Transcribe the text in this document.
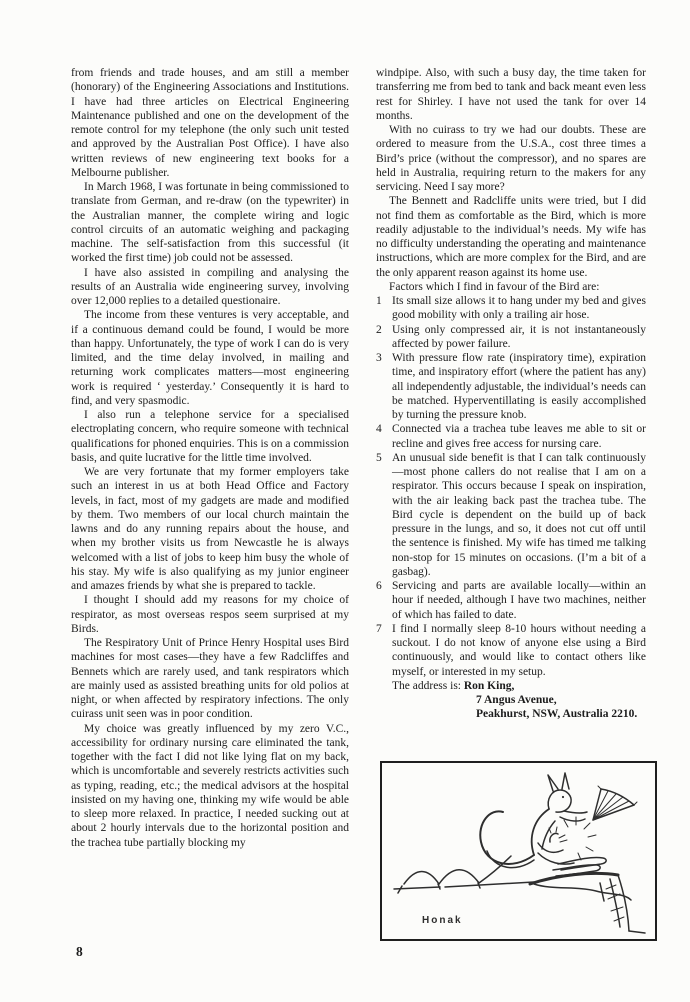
from friends and trade houses, and am still a member (honorary) of the Engineering Associations and Institutions. I have had three articles on Electrical Engineering Maintenance published and one on the development of the remote control for my telephone (the only such unit tested and approved by the Australian Post Office). I have also written reviews of new engineering text books for a Melbourne publisher.

In March 1968, I was fortunate in being commissioned to translate from German, and re-draw (on the typewriter) in the Australian manner, the complete wiring and logic control circuits of an automatic weighing and packaging machine. The self-satisfaction from this successful (it worked the first time) job could not be assessed.

I have also assisted in compiling and analysing the results of an Australia wide engineering survey, involving over 12,000 replies to a detailed questionaire.

The income from these ventures is very acceptable, and if a continuous demand could be found, I would be more than happy. Unfortunately, the type of work I can do is very limited, and the time delay involved, in mailing and returning work complicates matters—most engineering work is required ‘ yesterday.’ Consequently it is hard to find, and very spasmodic.

I also run a telephone service for a specialised electroplating concern, who require someone with technical qualifications for phoned enquiries. This is on a commission basis, and quite lucrative for the little time involved.

We are very fortunate that my former employers take such an interest in us at both Head Office and Factory levels, in fact, most of my gadgets are made and modified by them. Two members of our local church maintain the lawns and do any running repairs about the house, and when my brother visits us from Newcastle he is always welcomed with a list of jobs to keep him busy the whole of his stay. My wife is also qualifying as my junior engineer and amazes friends by what she is prepared to tackle.

I thought I should add my reasons for my choice of respirator, as most overseas respos seem surprised at my Birds.

The Respiratory Unit of Prince Henry Hospital uses Bird machines for most cases—they have a few Radcliffes and Bennets which are rarely used, and tank respirators which are mainly used as assisted breathing units for old polios at night, or when affected by respiratory infections. The only cuirass unit seen was in poor condition.

My choice was greatly influenced by my zero V.C., accessibility for ordinary nursing care eliminated the tank, together with the fact I did not like lying flat on my back, which is uncomfortable and severely restricts activities such as typing, reading, etc.; the medical advisors at the hospital insisted on my having one, thinking my wife would be able to sleep more relaxed. In practice, I needed sucking out at about 2 hourly intervals due to the horizontal position and the trachea tube partially blocking my

windpipe. Also, with such a busy day, the time taken for transferring me from bed to tank and back meant even less rest for Shirley. I have not used the tank for over 14 months.

With no cuirass to try we had our doubts. These are ordered to measure from the U.S.A., cost three times a Bird’s price (without the compressor), and no spares are held in Australia, requiring return to the makers for any servicing. Need I say more?

The Bennett and Radcliffe units were tried, but I did not find them as comfortable as the Bird, which is more readily adjustable to the individual’s needs. My wife has no difficulty understanding the operating and maintenance instructions, which are more complex for the Bird, and are the only apparent reason against its home use.

Factors which I find in favour of the Bird are:

1 Its small size allows it to hang under my bed and gives good mobility with only a trailing air hose.
2 Using only compressed air, it is not instantaneously affected by power failure.
3 With pressure flow rate (inspiratory time), expiration time, and inspiratory effort (where the patient has any) all independently adjustable, the individual’s needs can be matched. Hyperventillating is easily accomplished by turning the pressure knob.
4 Connected via a trachea tube leaves me able to sit or recline and gives free access for nursing care.
5 An unusual side benefit is that I can talk continuously—most phone callers do not realise that I am on a respirator. This occurs because I speak on inspiration, with the air leaking back past the trachea tube. The Bird cycle is dependent on the build up of back pressure in the lungs, and so, it does not cut off until the sentence is finished. My wife has timed me talking non-stop for 15 minutes on occasions. (I’m a bit of a gasbag).
6 Servicing and parts are available locally—within an hour if needed, although I have two machines, neither of which has failed to date.
7 I find I normally sleep 8-10 hours without needing a suckout. I do not know of anyone else using a Bird continuously, and would like to contact others like myself, or interested in my setup.

The address is: Ron King,

7 Angus Avenue,

Peakhurst, NSW, Australia 2210.

Honak
8
